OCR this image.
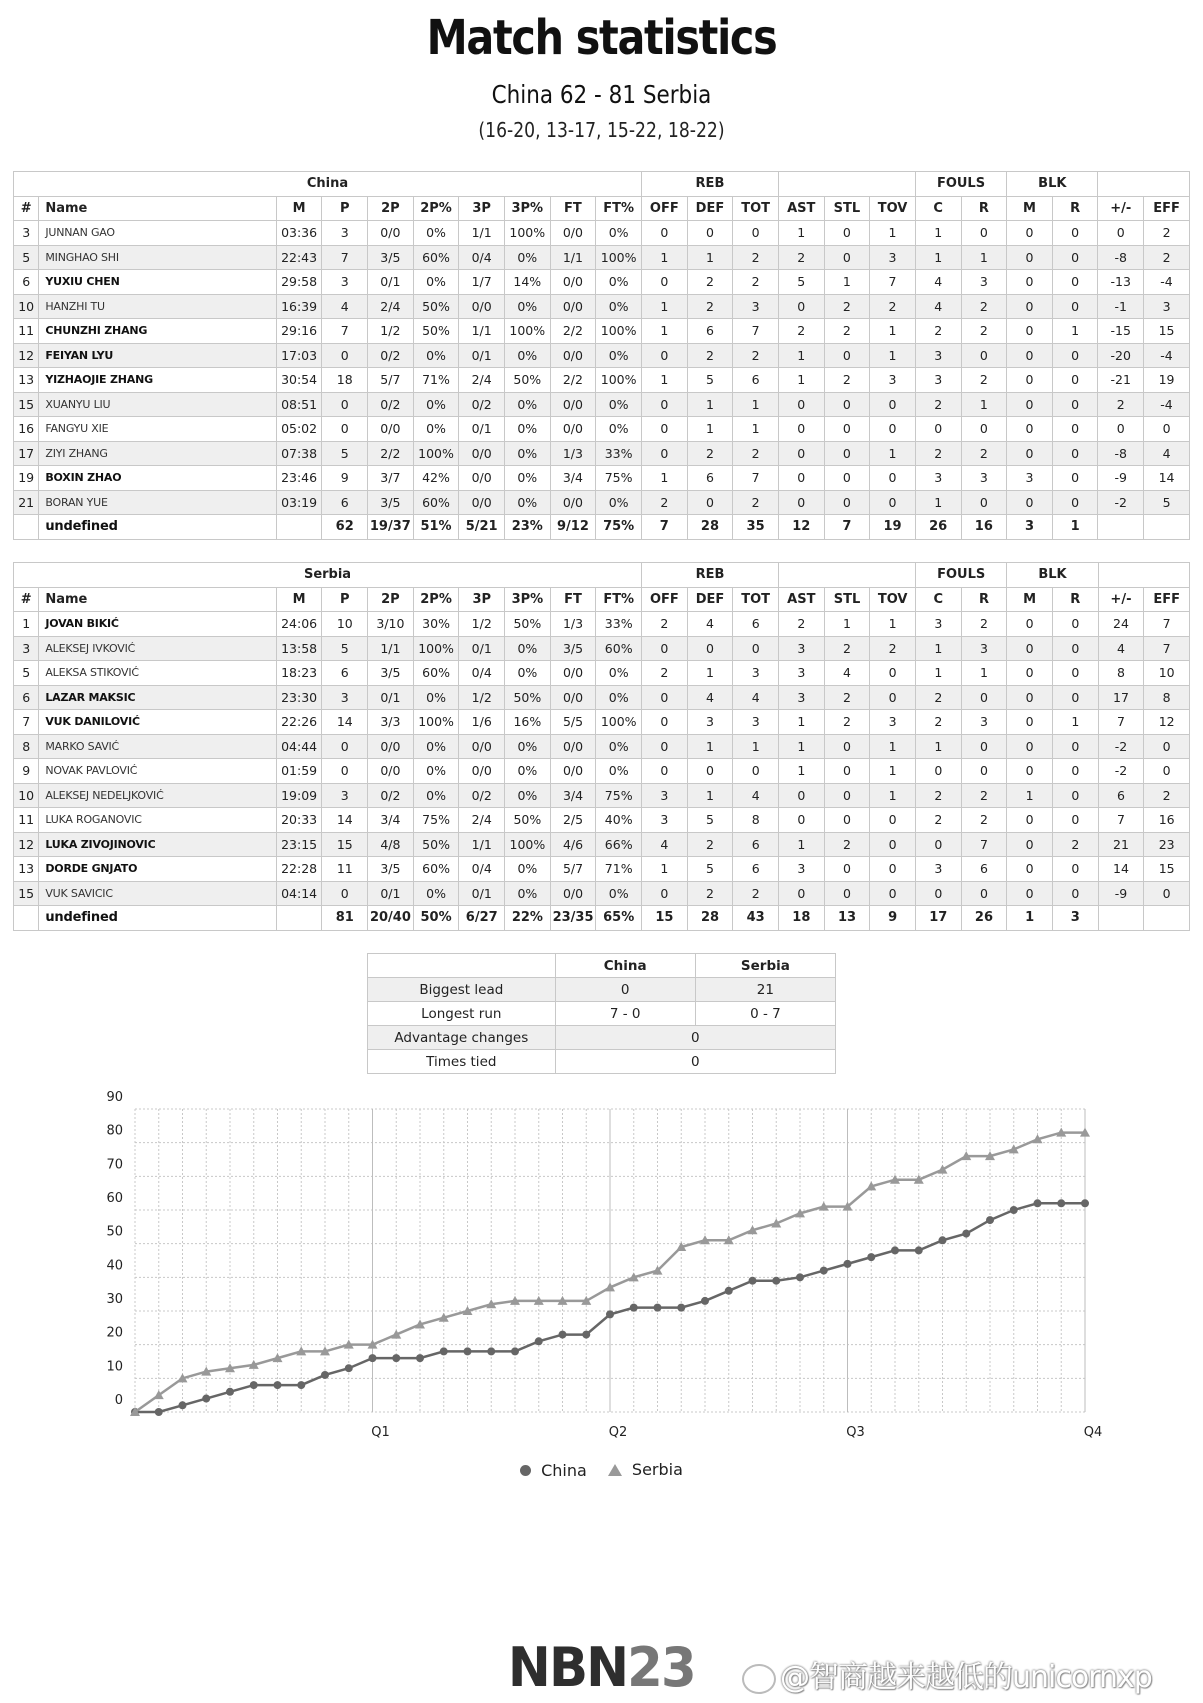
Match statistics
China 62 - 81 Serbia
(16-20, 13-17, 15-22, 18-22)
China										REB						FOULS		BLK			
#	Name	M	P	2P	2P%	3P	3P%	FT	FT%	OFF	DEF	TOT	AST	STL	TOV	C	R	M	R	+/-	EFF
3	JUNNAN GAO	03:36	3	0/0	0%	1/1	100%	0/0	0%	0	0	0	1	0	1	1	0	0	0	0	2
5	MINGHAO SHI	22:43	7	3/5	60%	0/4	0%	1/1	100%	1	1	2	2	0	3	1	1	0	0	-8	2
6	YUXIU CHEN	29:58	3	0/1	0%	1/7	14%	0/0	0%	0	2	2	5	1	7	4	3	0	0	-13	-4
10	HANZHI TU	16:39	4	2/4	50%	0/0	0%	0/0	0%	1	2	3	0	2	2	4	2	0	0	-1	3
11	CHUNZHI ZHANG	29:16	7	1/2	50%	1/1	100%	2/2	100%	1	6	7	2	2	1	2	2	0	1	-15	15
12	FEIYAN LYU	17:03	0	0/2	0%	0/1	0%	0/0	0%	0	2	2	1	0	1	3	0	0	0	-20	-4
13	YIZHAOJIE ZHANG	30:54	18	5/7	71%	2/4	50%	2/2	100%	1	5	6	1	2	3	3	2	0	0	-21	19
15	XUANYU LIU	08:51	0	0/2	0%	0/2	0%	0/0	0%	0	1	1	0	0	0	2	1	0	0	2	-4
16	FANGYU XIE	05:02	0	0/0	0%	0/1	0%	0/0	0%	0	1	1	0	0	0	0	0	0	0	0	0
17	ZIYI ZHANG	07:38	5	2/2	100%	0/0	0%	1/3	33%	0	2	2	0	0	1	2	2	0	0	-8	4
19	BOXIN ZHAO	23:46	9	3/7	42%	0/0	0%	3/4	75%	1	6	7	0	0	0	3	3	3	0	-9	14
21	BORAN YUE	03:19	6	3/5	60%	0/0	0%	0/0	0%	2	0	2	0	0	0	1	0	0	0	-2	5
	undefined		62	19/37	51%	5/21	23%	9/12	75%	7	28	35	12	7	19	26	16	3	1		
Serbia										REB						FOULS		BLK			
#	Name	M	P	2P	2P%	3P	3P%	FT	FT%	OFF	DEF	TOT	AST	STL	TOV	C	R	M	R	+/-	EFF
1	JOVAN BIKIĆ	24:06	10	3/10	30%	1/2	50%	1/3	33%	2	4	6	2	1	1	3	2	0	0	24	7
3	ALEKSEJ IVKOVIĆ	13:58	5	1/1	100%	0/1	0%	3/5	60%	0	0	0	3	2	2	1	3	0	0	4	7
5	ALEKSA STIKOVIĆ	18:23	6	3/5	60%	0/4	0%	0/0	0%	2	1	3	3	4	0	1	1	0	0	8	10
6	LAZAR MAKSIC	23:30	3	0/1	0%	1/2	50%	0/0	0%	0	4	4	3	2	0	2	0	0	0	17	8
7	VUK DANILOVIĆ	22:26	14	3/3	100%	1/6	16%	5/5	100%	0	3	3	1	2	3	2	3	0	1	7	12
8	MARKO SAVIĆ	04:44	0	0/0	0%	0/0	0%	0/0	0%	0	1	1	1	0	1	1	0	0	0	-2	0
9	NOVAK PAVLOVIĆ	01:59	0	0/0	0%	0/0	0%	0/0	0%	0	0	0	1	0	1	0	0	0	0	-2	0
10	ALEKSEJ NEDELJKOVIĆ	19:09	3	0/2	0%	0/2	0%	3/4	75%	3	1	4	0	0	1	2	2	1	0	6	2
11	LUKA ROGANOVIC	20:33	14	3/4	75%	2/4	50%	2/5	40%	3	5	8	0	0	0	2	2	0	0	7	16
12	LUKA ZIVOJINOVIC	23:15	15	4/8	50%	1/1	100%	4/6	66%	4	2	6	1	2	0	0	7	0	2	21	23
13	DORDE GNJATO	22:28	11	3/5	60%	0/4	0%	5/7	71%	1	5	6	3	0	0	3	6	0	0	14	15
15	VUK SAVICIC	04:14	0	0/1	0%	0/1	0%	0/0	0%	0	2	2	0	0	0	0	0	0	0	-9	0
	undefined		81	20/40	50%	6/27	22%	23/35	65%	15	28	43	18	13	9	17	26	1	3		
	China	Serbia
Biggest lead	0	21
Longest run	7 - 0	0 - 7
Advantage changes	0	
Times tied	0	
0
10
20
30
40
50
60
70
80
90
Q1	Q2	Q3	Q4
China
	Serbia
NBN23	@智商越来越低的unicornxp
